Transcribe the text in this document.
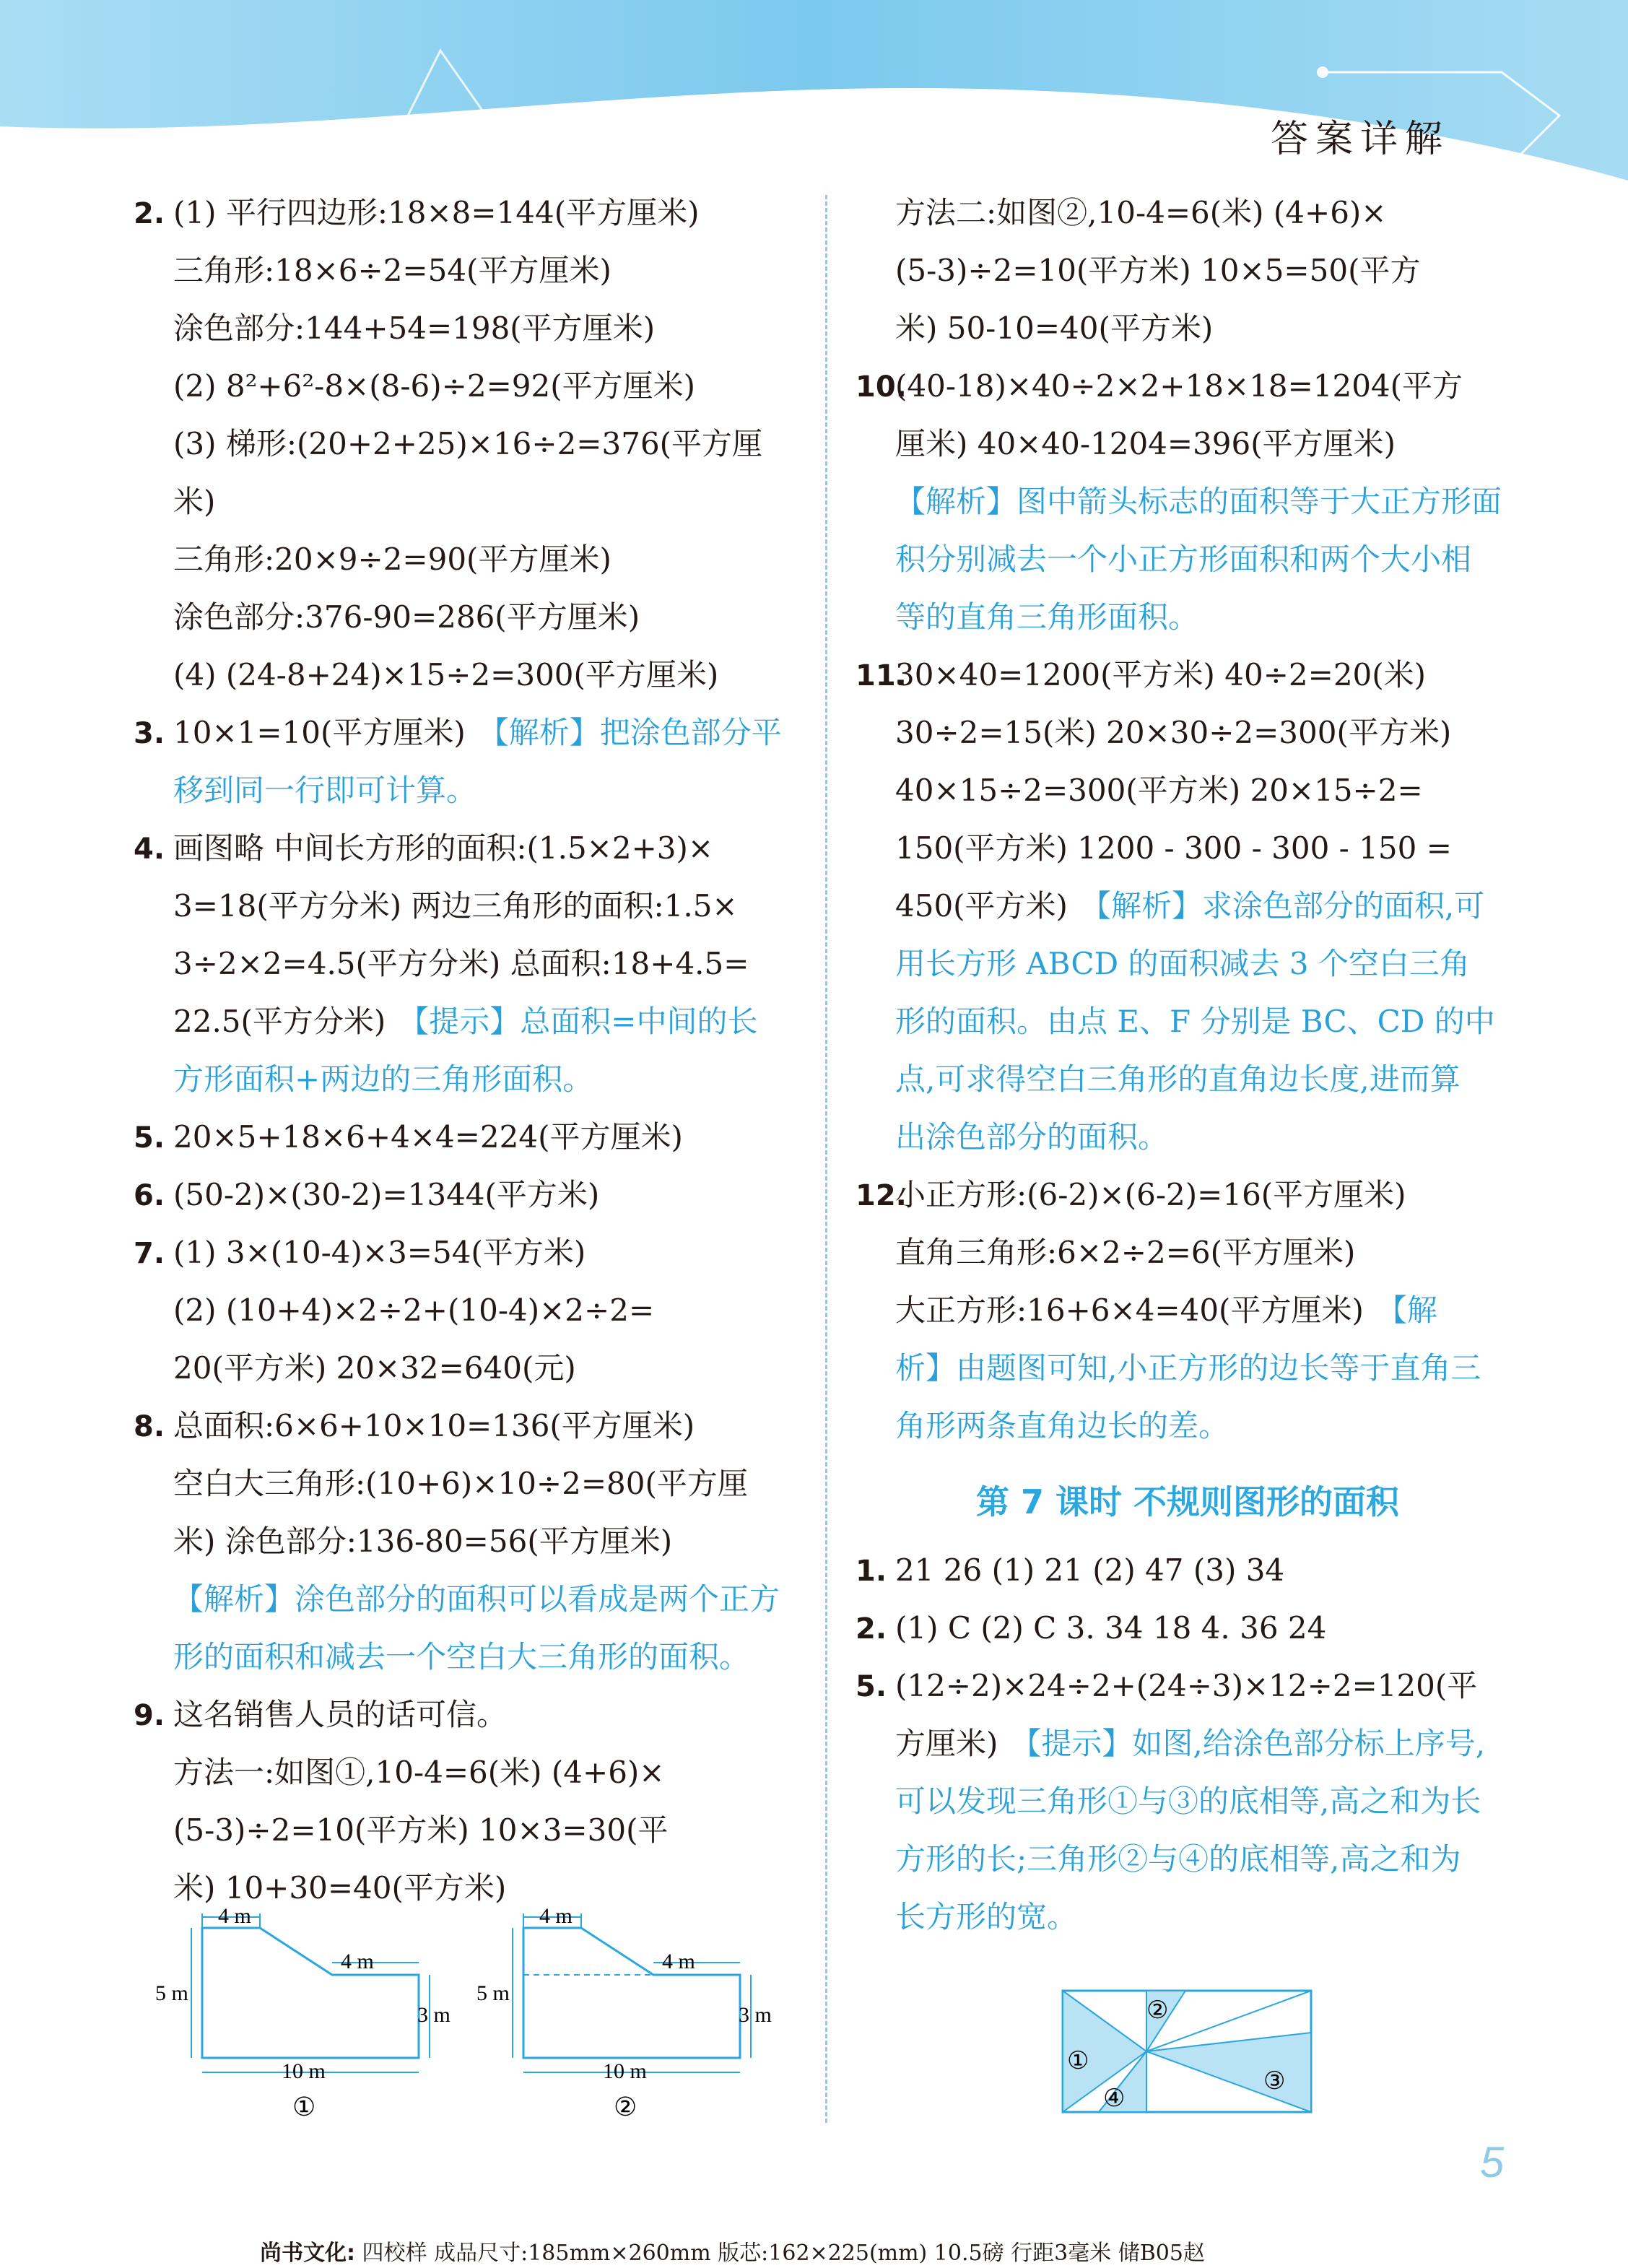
答案详解
2. (1) 平行四边形:18×8=144(平方厘米)
三角形:18×6÷2=54(平方厘米)
涂色部分:144+54=198(平方厘米)
(2) 8²+6²-8×(8-6)÷2=92(平方厘米)
(3) 梯形:(20+2+25)×16÷2=376(平方厘
米)
三角形:20×9÷2=90(平方厘米)
涂色部分:376-90=286(平方厘米)
(4) (24-8+24)×15÷2=300(平方厘米)
3. 10×1=10(平方厘米) 【解析】把涂色部分平
移到同一行即可计算。
4. 画图略 中间长方形的面积:(1.5×2+3)×
3=18(平方分米) 两边三角形的面积:1.5×
3÷2×2=4.5(平方分米) 总面积:18+4.5=
22.5(平方分米) 【提示】总面积=中间的长
方形面积+两边的三角形面积。
5. 20×5+18×6+4×4=224(平方厘米)
6. (50-2)×(30-2)=1344(平方米)
7. (1) 3×(10-4)×3=54(平方米)
(2) (10+4)×2÷2+(10-4)×2÷2=
20(平方米) 20×32=640(元)
8. 总面积:6×6+10×10=136(平方厘米)
空白大三角形:(10+6)×10÷2=80(平方厘
米) 涂色部分:136-80=56(平方厘米)
【解析】涂色部分的面积可以看成是两个正方
形的面积和减去一个空白大三角形的面积。
9. 这名销售人员的话可信。
方法一:如图①,10-4=6(米) (4+6)×
(5-3)÷2=10(平方米) 10×3=30(平
米) 10+30=40(平方米)
方法二:如图②,10-4=6(米) (4+6)×
(5-3)÷2=10(平方米) 10×5=50(平方
米) 50-10=40(平方米)
10.(40-18)×40÷2×2+18×18=1204(平方
厘米) 40×40-1204=396(平方厘米)
【解析】图中箭头标志的面积等于大正方形面
积分别减去一个小正方形面积和两个大小相
等的直角三角形面积。
11.30×40=1200(平方米) 40÷2=20(米)
30÷2=15(米) 20×30÷2=300(平方米)
40×15÷2=300(平方米) 20×15÷2=
150(平方米) 1200 - 300 - 300 - 150 =
450(平方米) 【解析】求涂色部分的面积,可
用长方形 ABCD 的面积减去 3 个空白三角
形的面积。由点 E、F 分别是 BC、CD 的中
点,可求得空白三角形的直角边长度,进而算
出涂色部分的面积。
12.小正方形:(6-2)×(6-2)=16(平方厘米)
直角三角形:6×2÷2=6(平方厘米)
大正方形:16+6×4=40(平方厘米) 【解
析】由题图可知,小正方形的边长等于直角三
角形两条直角边长的差。
第 7 课时 不规则图形的面积
1. 21 26 (1) 21 (2) 47 (3) 34
2. (1) C (2) C 3. 34 18 4. 36 24
5. (12÷2)×24÷2+(24÷3)×12÷2=120(平
方厘米) 【提示】如图,给涂色部分标上序号,
可以发现三角形①与③的底相等,高之和为长
方形的长;三角形②与④的底相等,高之和为
长方形的宽。
4 m
4 m
5 m
3 m
10 m
①
4 m
4 m
5 m
3 m
10 m
②
①
②
③
④
5
尚书文化: 四校样 成品尺寸:185mm×260mm 版芯:162×225(mm) 10.5磅 行距3毫米 储B05赵
